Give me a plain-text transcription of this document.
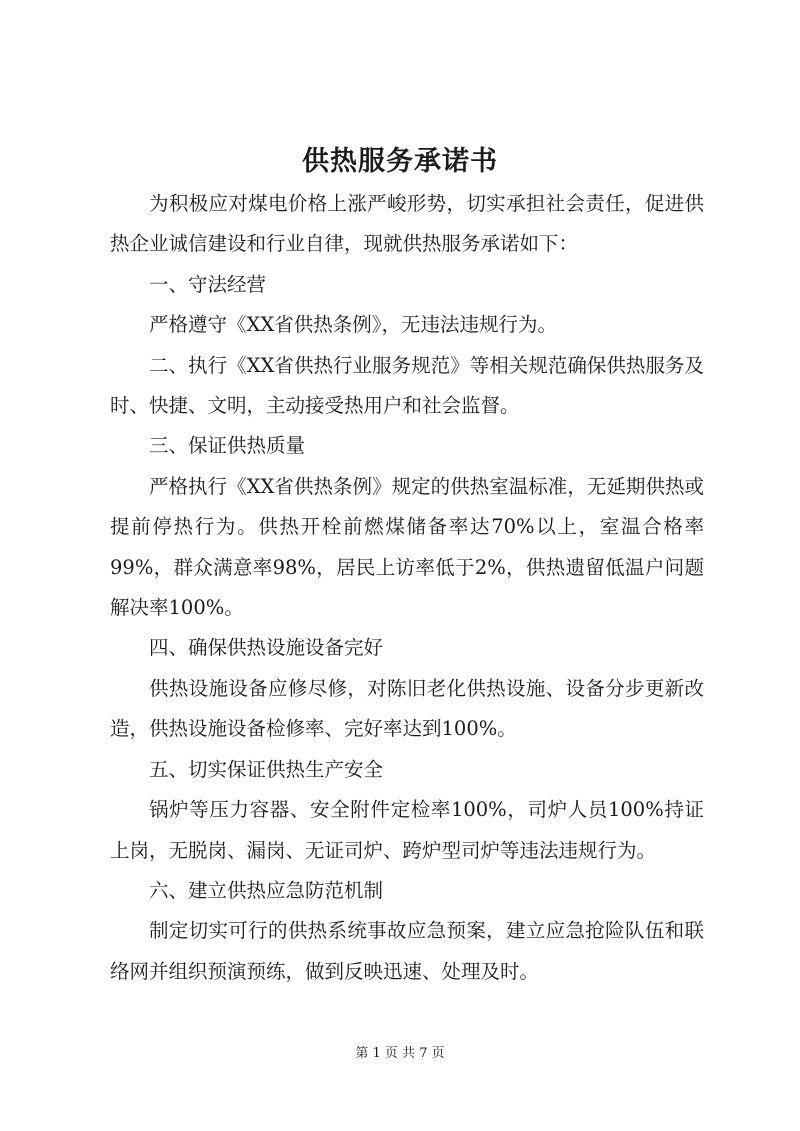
供热服务承诺书

为积极应对煤电价格上涨严峻形势，切实承担社会责任，促进供热企业诚信建设和行业自律，现就供热服务承诺如下：

一、守法经营

严格遵守《XX省供热条例》，无违法违规行为。

二、执行《XX省供热行业服务规范》等相关规范确保供热服务及时、快捷、文明，主动接受热用户和社会监督。

三、保证供热质量

严格执行《XX省供热条例》规定的供热室温标准，无延期供热或提前停热行为。供热开栓前燃煤储备率达70%以上，室温合格率99%，群众满意率98%，居民上访率低于2%，供热遗留低温户问题解决率100%。

四、确保供热设施设备完好

供热设施设备应修尽修，对陈旧老化供热设施、设备分步更新改造，供热设施设备检修率、完好率达到100%。

五、切实保证供热生产安全

锅炉等压力容器、安全附件定检率100%，司炉人员100%持证上岗，无脱岗、漏岗、无证司炉、跨炉型司炉等违法违规行为。

六、建立供热应急防范机制

制定切实可行的供热系统事故应急预案，建立应急抢险队伍和联络网并组织预演预练，做到反映迅速、处理及时。

第 1 页 共 7 页
